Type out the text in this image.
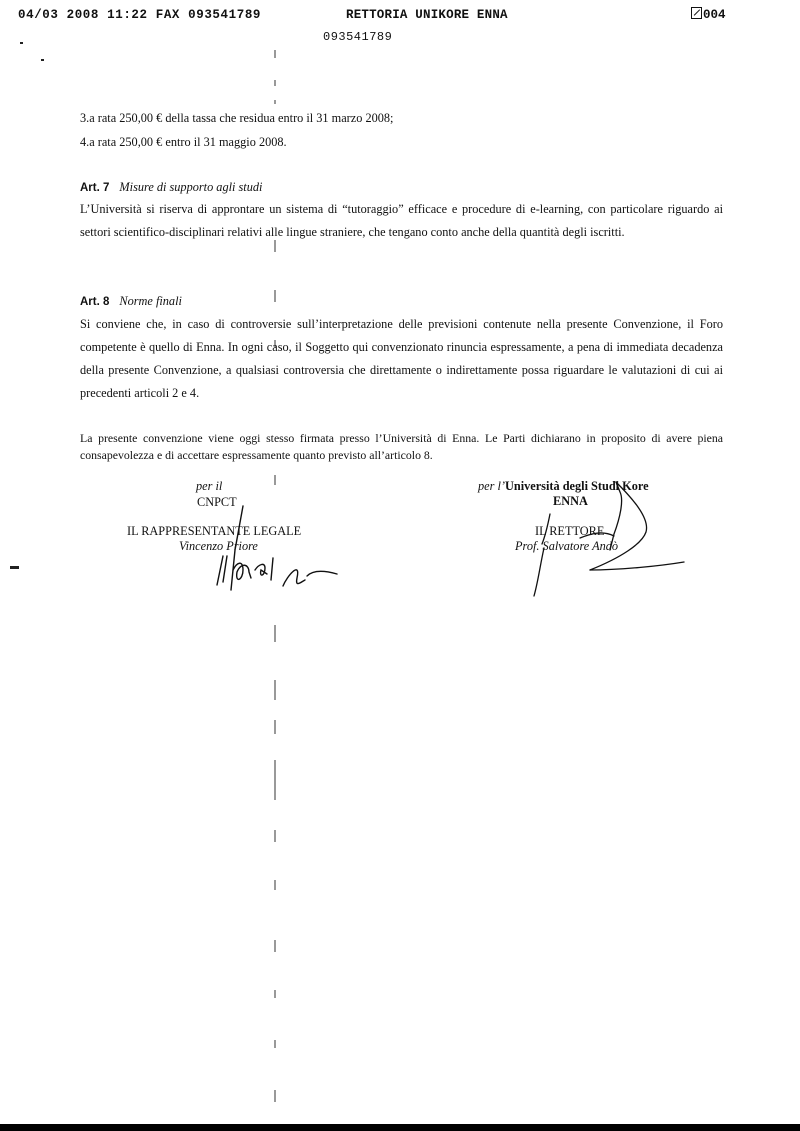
04/03 2008 11:22 FAX 093541789	RETTORIA UNIKORE ENNA	004
093541789
3.a rata 250,00 € della tassa che residua entro il 31 marzo 2008;
4.a rata 250,00 € entro il 31 maggio 2008.
Art. 7 Misure di supporto agli studi
L’Università si riserva di approntare un sistema di “tutoraggio” efficace e procedure di e-learning, con particolare riguardo ai settori scientifico-disciplinari relativi alle lingue straniere, che tengano conto anche della quantità degli iscritti.
Art. 8 Norme finali
Si conviene che, in caso di controversie sull’interpretazione delle previsioni contenute nella presente Convenzione, il Foro competente è quello di Enna. In ogni caso, il Soggetto qui convenzionato rinuncia espressamente, a pena di immediata decadenza della presente Convenzione, a qualsiasi controversia che direttamente o indirettamente possa riguardare le valutazioni di cui ai precedenti articoli 2 e 4.
La presente convenzione viene oggi stesso firmata presso l’Università di Enna. Le Parti dichiarano in proposito di avere piena consapevolezza e di accettare espressamente quanto previsto all’articolo 8.
per il
CNPCT
IL RAPPRESENTANTE LEGALE
Vincenzo Priore
per l’Università degli Studi Kore
ENNA
IL RETTORE
Prof. Salvatore Andò
